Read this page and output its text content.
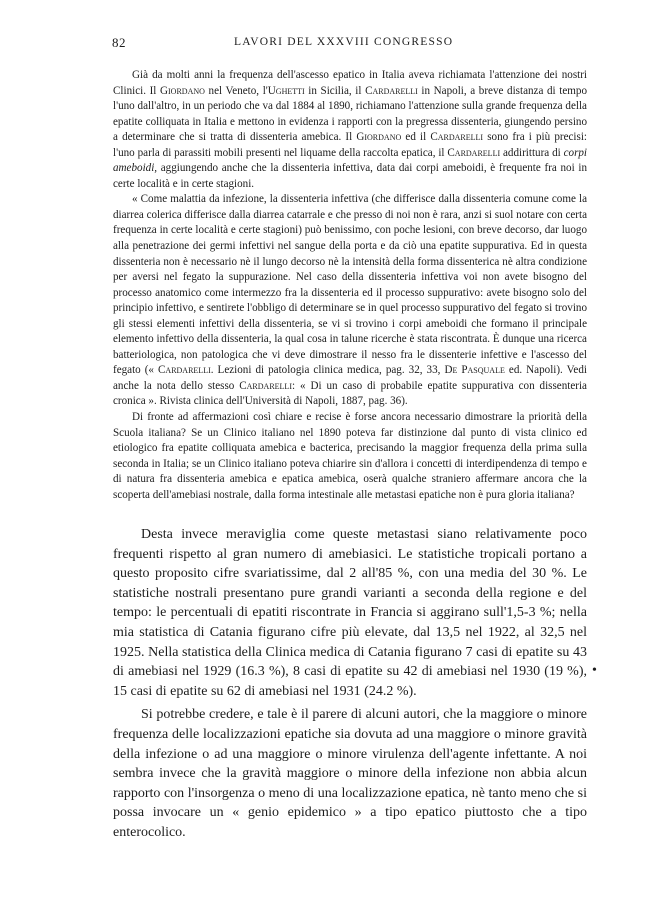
82	LAVORI DEL XXXVIII CONGRESSO

Già da molti anni la frequenza dell'ascesso epatico in Italia aveva richiamata l'attenzione dei nostri Clinici. Il Giordano nel Veneto, l'Ughetti in Sicilia, il Cardarelli in Napoli, a breve distanza di tempo l'uno dall'altro, in un periodo che va dal 1884 al 1890, richiamano l'attenzione sulla grande frequenza della epatite colliquata in Italia e mettono in evidenza i rapporti con la pregressa dissenteria, giungendo persino a determinare che si tratta di dissenteria amebica. Il Giordano ed il Cardarelli sono fra i più precisi: l'uno parla di parassiti mobili presenti nel liquame della raccolta epatica, il Cardarelli addirittura di corpi ameboidi, aggiungendo anche che la dissenteria infettiva, data dai corpi ameboidi, è frequente fra noi in certe località e in certe stagioni.

« Come malattia da infezione, la dissenteria infettiva (che differisce dalla dissenteria comune come la diarrea colerica differisce dalla diarrea catarrale e che presso di noi non è rara, anzi si suol notare con certa frequenza in certe località e certe stagioni) può benissimo, con poche lesioni, con breve decorso, dar luogo alla penetrazione dei germi infettivi nel sangue della porta e da ciò una epatite suppurativa. Ed in questa dissenteria non è necessario nè il lungo decorso nè la intensità della forma dissenterica nè altra condizione per aversi nel fegato la suppurazione. Nel caso della dissenteria infettiva voi non avete bisogno del processo anatomico come intermezzo fra la dissenteria ed il processo suppurativo: avete bisogno solo del principio infettivo, e sentirete l'obbligo di determinare se in quel processo suppurativo del fegato si trovino gli stessi elementi infettivi della dissenteria, se vi si trovino i corpi ameboidi che formano il principale elemento infettivo della dissenteria, la qual cosa in talune ricerche è stata riscontrata. È dunque una ricerca batteriologica, non patologica che vi deve dimostrare il nesso fra le dissenterie infettive e l'ascesso del fegato (« Cardarelli. Lezioni di patologia clinica medica, pag. 32, 33, De Pasquale ed. Napoli). Vedi anche la nota dello stesso Cardarelli: « Di un caso di probabile epatite suppurativa con dissenteria cronica ». Rivista clinica dell'Università di Napoli, 1887, pag. 36).

Di fronte ad affermazioni così chiare e recise è forse ancora necessario dimostrare la priorità della Scuola italiana? Se un Clinico italiano nel 1890 poteva far distinzione dal punto di vista clinico ed etiologico fra epatite colliquata amebica e bacterica, precisando la maggior frequenza della prima sulla seconda in Italia; se un Clinico italiano poteva chiarire sin d'allora i concetti di interdipendenza di tempo e di natura fra dissenteria amebica e epatica amebica, oserà qualche straniero affermare ancora che la scoperta dell'amebiasi nostrale, dalla forma intestinale alle metastasi epatiche non è pura gloria italiana?

Desta invece meraviglia come queste metastasi siano relativamente poco frequenti rispetto al gran numero di amebiasici. Le statistiche tropicali portano a questo proposito cifre svariatissime, dal 2 all'85 %, con una media del 30 %. Le statistiche nostrali presentano pure grandi varianti a seconda della regione e del tempo: le percentuali di epatiti riscontrate in Francia si aggirano sull'1,5-3 %; nella mia statistica di Catania figurano cifre più elevate, dal 13,5 nel 1922, al 32,5 nel 1925. Nella statistica della Clinica medica di Catania figurano 7 casi di epatite su 43 di amebiasi nel 1929 (16.3 %), 8 casi di epatite su 42 di amebiasi nel 1930 (19 %), 15 casi di epatite su 62 di amebiasi nel 1931 (24.2 %).

Si potrebbe credere, e tale è il parere di alcuni autori, che la maggiore o minore frequenza delle localizzazioni epatiche sia dovuta ad una maggiore o minore gravità della infezione o ad una maggiore o minore virulenza dell'agente infettante. A noi sembra invece che la gravità maggiore o minore della infezione non abbia alcun rapporto con l'insorgenza o meno di una localizzazione epatica, nè tanto meno che si possa invocare un « genio epidemico » a tipo epatico piuttosto che a tipo enterocolico.

•
